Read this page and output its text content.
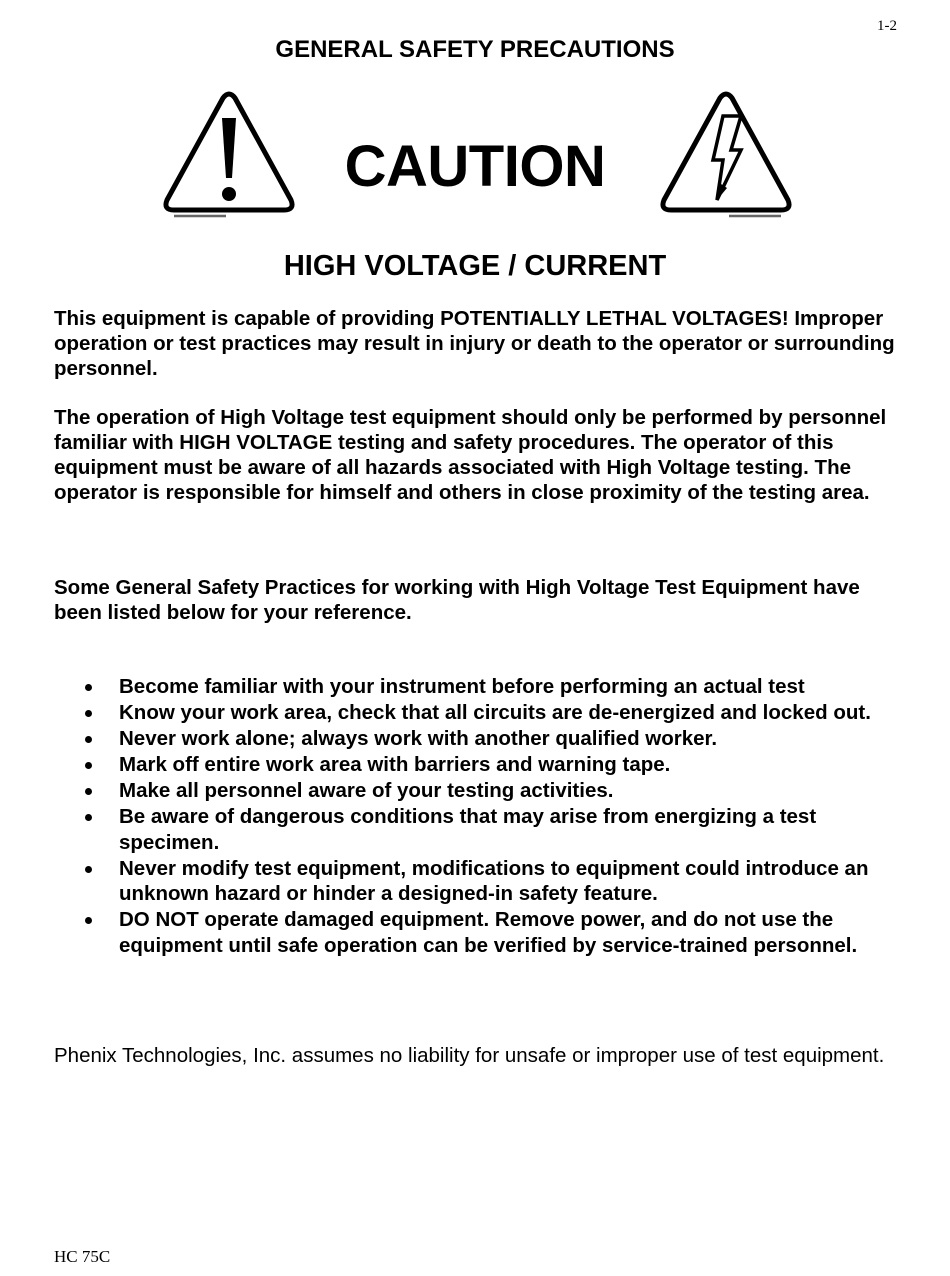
1-2
GENERAL SAFETY PRECAUTIONS
CAUTION
HIGH VOLTAGE / CURRENT

This equipment is capable of providing POTENTIALLY LETHAL VOLTAGES! Improper operation or test practices may result in injury or death to the operator or surrounding personnel.

The operation of High Voltage test equipment should only be performed by personnel familiar with HIGH VOLTAGE testing and safety procedures. The operator of this equipment must be aware of all hazards associated with High Voltage testing. The operator is responsible for himself and others in close proximity of the testing area.

Some General Safety Practices for working with High Voltage Test Equipment have been listed below for your reference.

Become familiar with your instrument before performing an actual test
Know your work area, check that all circuits are de-energized and locked out.
Never work alone; always work with another qualified worker.
Mark off entire work area with barriers and warning tape.
Make all personnel aware of your testing activities.
Be aware of dangerous conditions that may arise from energizing a test specimen.
Never modify test equipment, modifications to equipment could introduce an unknown hazard or hinder a designed-in safety feature.
DO NOT operate damaged equipment. Remove power, and do not use the equipment until safe operation can be verified by service-trained personnel.

Phenix Technologies, Inc. assumes no liability for unsafe or improper use of test equipment.

HC 75C
